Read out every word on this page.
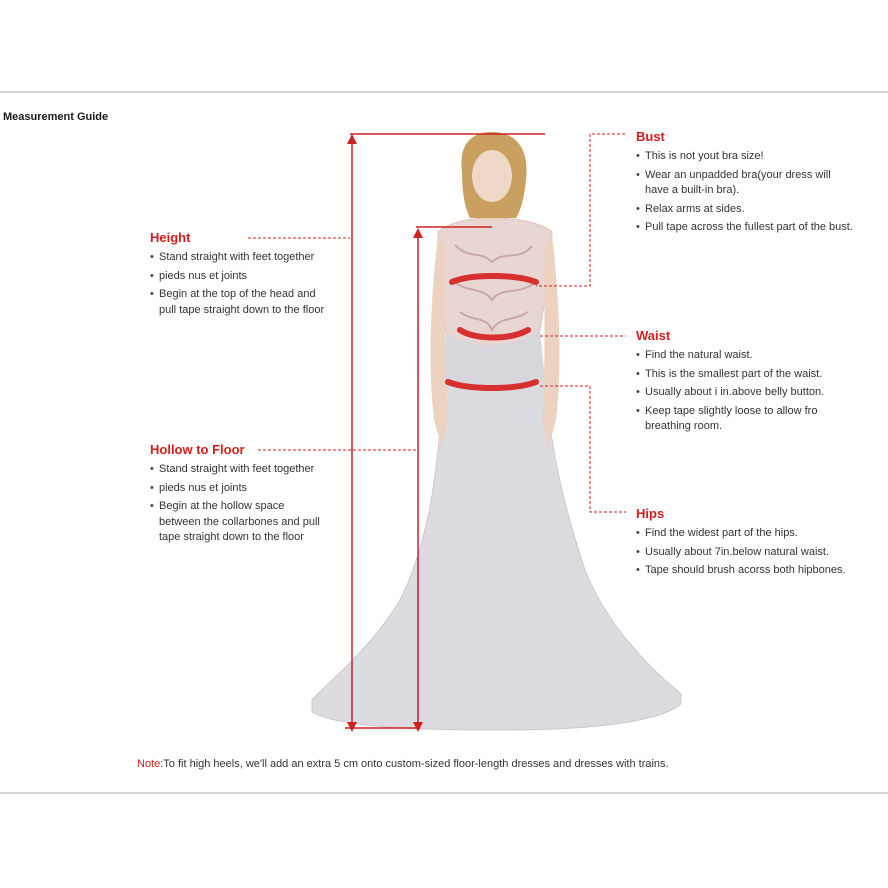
Measurement Guide
Height
• Stand straight with feet together
• pieds nus et joints
• Begin at the top of the head and pull tape straight down to the floor
Hollow to Floor
• Stand straight with feet together
• pieds nus et joints
• Begin at the hollow space between the collarbones and pull tape straight down to the floor
Bust
• This is not yout bra size!
• Wear an unpadded bra(your dress will have a built-in bra).
• Relax arms at sides.
• Pull tape across the fullest part of the bust.
Waist
• Find the natural waist.
• This is the smallest part of the waist.
• Usually about i in.above belly button.
• Keep tape slightly loose to allow fro breathing room.
Hips
• Find the widest part of the hips.
• Usually about 7in.below natural waist.
• Tape should brush acorss both hipbones.
Note:To fit high heels, we'll add an extra 5 cm onto custom-sized floor-length dresses and dresses with trains.
